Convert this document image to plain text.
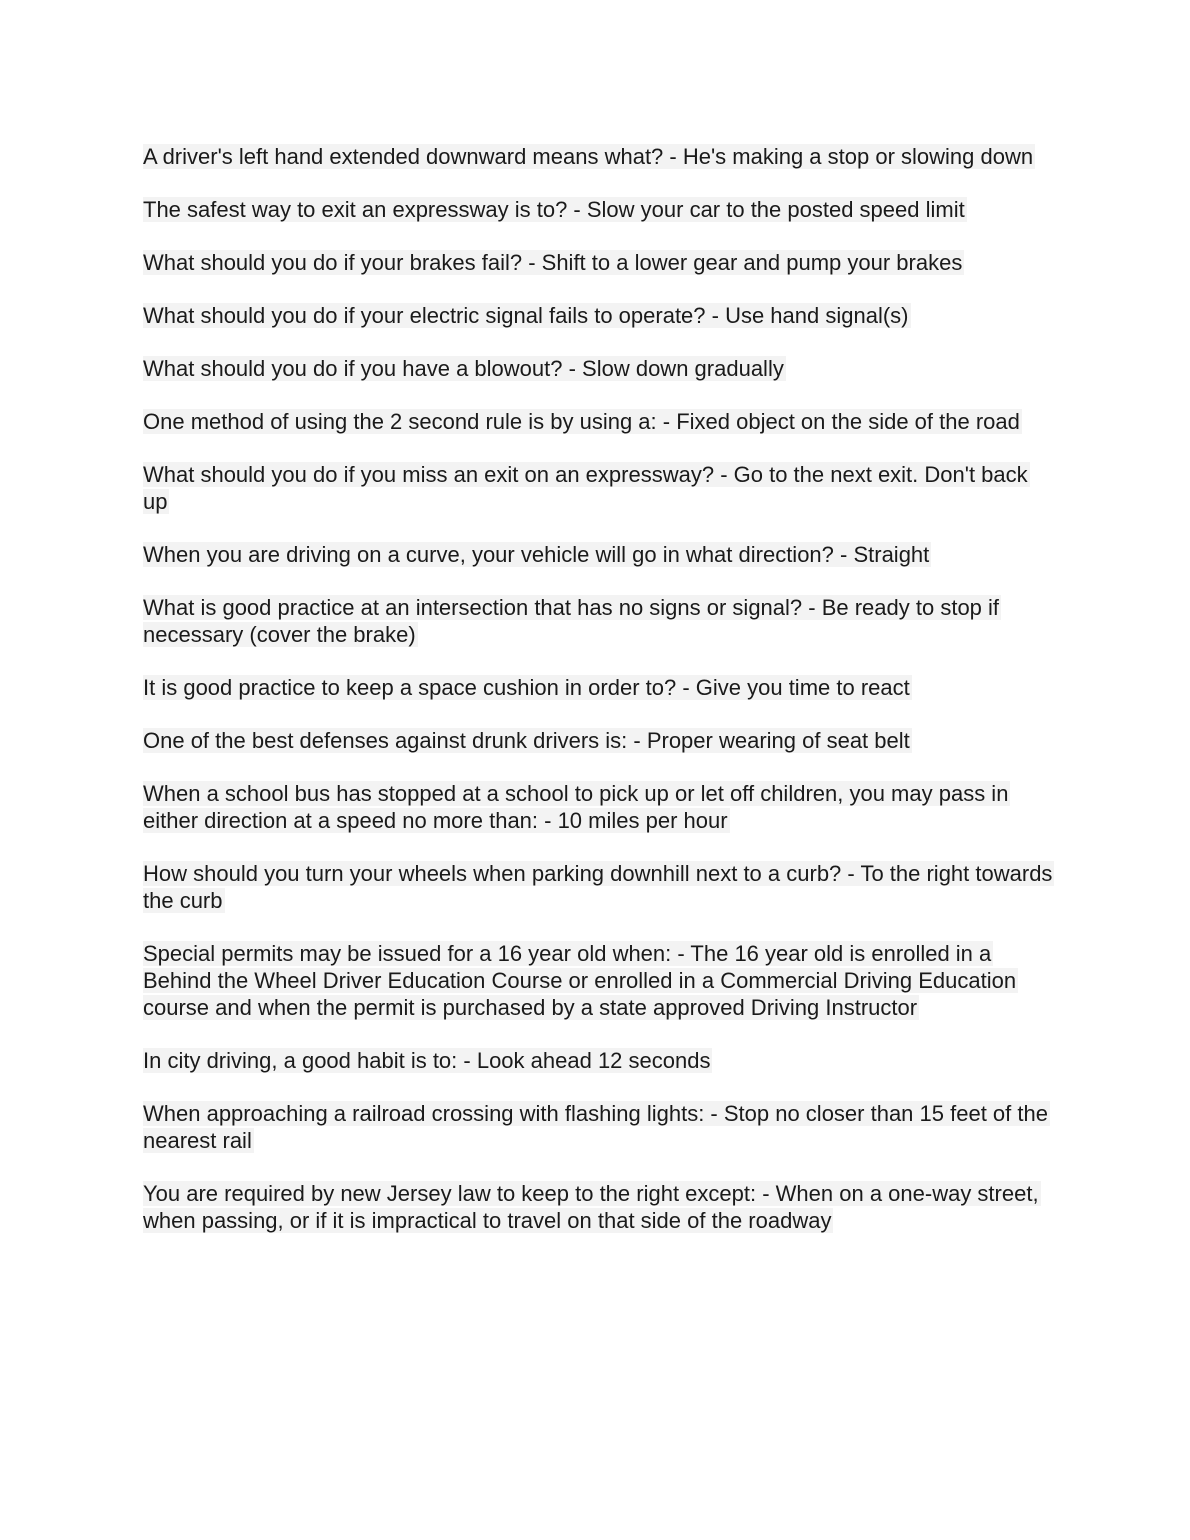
A driver's left hand extended downward means what? - He's making a stop or slowing down

The safest way to exit an expressway is to? - Slow your car to the posted speed limit

What should you do if your brakes fail? - Shift to a lower gear and pump your brakes

What should you do if your electric signal fails to operate? - Use hand signal(s)

What should you do if you have a blowout? - Slow down gradually

One method of using the 2 second rule is by using a: - Fixed object on the side of the road

What should you do if you miss an exit on an expressway? - Go to the next exit. Don't back up

When you are driving on a curve, your vehicle will go in what direction? - Straight

What is good practice at an intersection that has no signs or signal? - Be ready to stop if necessary (cover the brake)

It is good practice to keep a space cushion in order to? - Give you time to react

One of the best defenses against drunk drivers is: - Proper wearing of seat belt

When a school bus has stopped at a school to pick up or let off children, you may pass in either direction at a speed no more than: - 10 miles per hour

How should you turn your wheels when parking downhill next to a curb? - To the right towards the curb

Special permits may be issued for a 16 year old when: - The 16 year old is enrolled in a Behind the Wheel Driver Education Course or enrolled in a Commercial Driving Education course and when the permit is purchased by a state approved Driving Instructor

In city driving, a good habit is to: - Look ahead 12 seconds

When approaching a railroad crossing with flashing lights: - Stop no closer than 15 feet of the nearest rail

You are required by new Jersey law to keep to the right except: - When on a one-way street, when passing, or if it is impractical to travel on that side of the roadway
